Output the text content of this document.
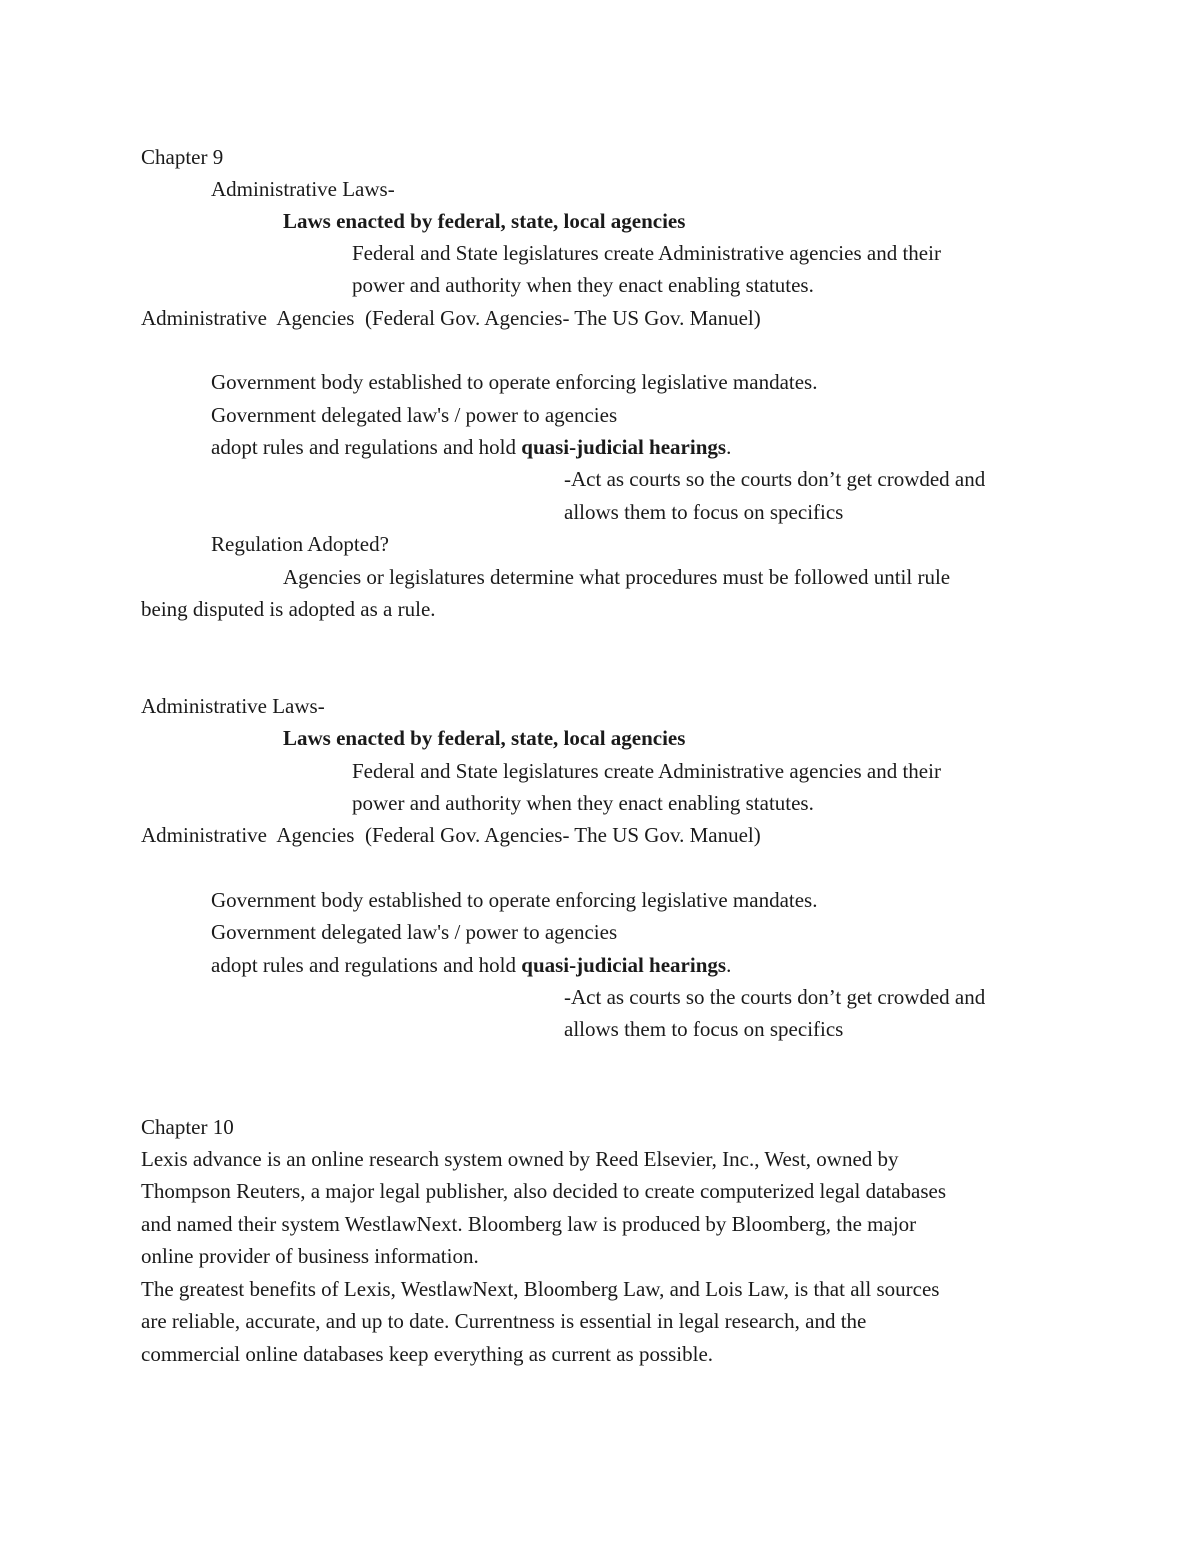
Chapter 9
Administrative Laws-
Laws enacted by federal, state, local agencies
Federal and State legislatures create Administrative agencies and their
power and authority when they enact enabling statutes.
Administrative  Agencies  (Federal Gov. Agencies- The US Gov. Manuel)
Government body established to operate enforcing legislative mandates.
Government delegated law's / power to agencies
adopt rules and regulations and hold quasi-judicial hearings.
-Act as courts so the courts don’t get crowded and
allows them to focus on specifics
Regulation Adopted?
Agencies or legislatures determine what procedures must be followed until rule
being disputed is adopted as a rule.
Administrative Laws-
Laws enacted by federal, state, local agencies
Federal and State legislatures create Administrative agencies and their
power and authority when they enact enabling statutes.
Administrative  Agencies  (Federal Gov. Agencies- The US Gov. Manuel)
Government body established to operate enforcing legislative mandates.
Government delegated law's / power to agencies
adopt rules and regulations and hold quasi-judicial hearings.
-Act as courts so the courts don’t get crowded and
allows them to focus on specifics
Chapter 10
Lexis advance is an online research system owned by Reed Elsevier, Inc., West, owned by
Thompson Reuters, a major legal publisher, also decided to create computerized legal databases
and named their system WestlawNext. Bloomberg law is produced by Bloomberg, the major
online provider of business information.
The greatest benefits of Lexis, WestlawNext, Bloomberg Law, and Lois Law, is that all sources
are reliable, accurate, and up to date. Currentness is essential in legal research, and the
commercial online databases keep everything as current as possible.
